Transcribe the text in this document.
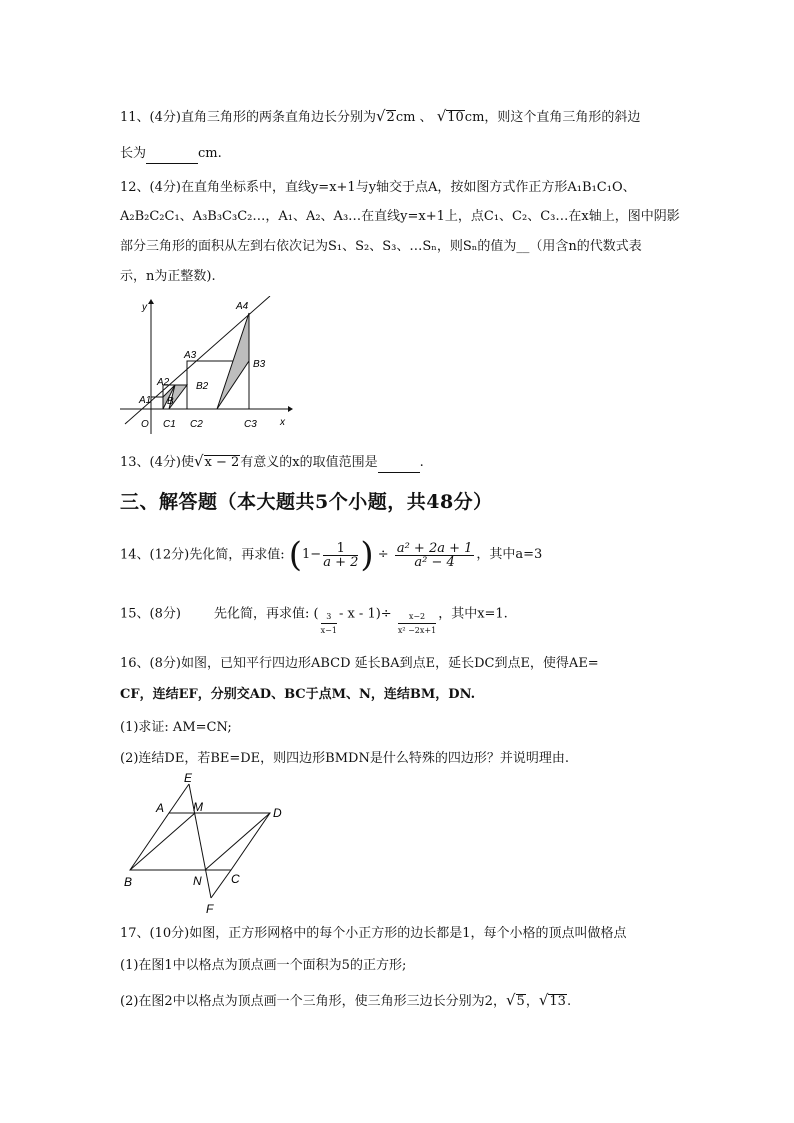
11、(4分)直角三角形的两条直角边长分别为√2cm 、 √10cm，则这个直角三角形的斜边
长为	cm.
12、(4分)在直角坐标系中，直线y=x+1与y轴交于点A，按如图方式作正方形A₁B₁C₁O、
A₂B₂C₂C₁、A₃B₃C₃C₂…，A₁、A₂、A₃…在直线y=x+1上，点C₁、C₂、C₃…在x轴上，图中阴影
部分三角形的面积从左到右依次记为S₁、S₂、S₃、…Sₙ，则Sₙ的值为__（用含n的代数式表
示，n为正整数).
y
x
O
A1
A2
A3
A4
B
B2
B3
C1 C2	C3
13、(4分)使√x − 2有意义的x的取值范围是	.
三、解答题（本大题共5个小题，共48分）
14、(12分)先化简，再求值: ($1- \frac{1}{a + 2}$ ) ÷ $\frac{\text{a² + 2a + 1}}{\text{a² − 4}}$ ，其中a=3
15、(8分)        先化简，再求值: ( $\frac{3}{x-1} - x - 1)\div \frac{x-2}{\text{x² −2x+1}}$ ，其中x=1.
16、(8分)如图，已知平行四边形ABCD 延长BA到点E，延长DC到点E，使得AE=
CF，连结EF，分别交AD、BC于点M、N，连结BM，DN.
(1)求证: AM=CN;
(2)连结DE，若BE=DE，则四边形BMDN是什么特殊的四边形？并说明理由.
E
A M	D
B	N C
F
17、(10分)如图，正方形网格中的每个小正方形的边长都是1，每个小格的顶点叫做格点
(1)在图1中以格点为顶点画一个面积为5的正方形;
(2)在图2中以格点为顶点画一个三角形，使三角形三边长分别为2，√5，√13.
